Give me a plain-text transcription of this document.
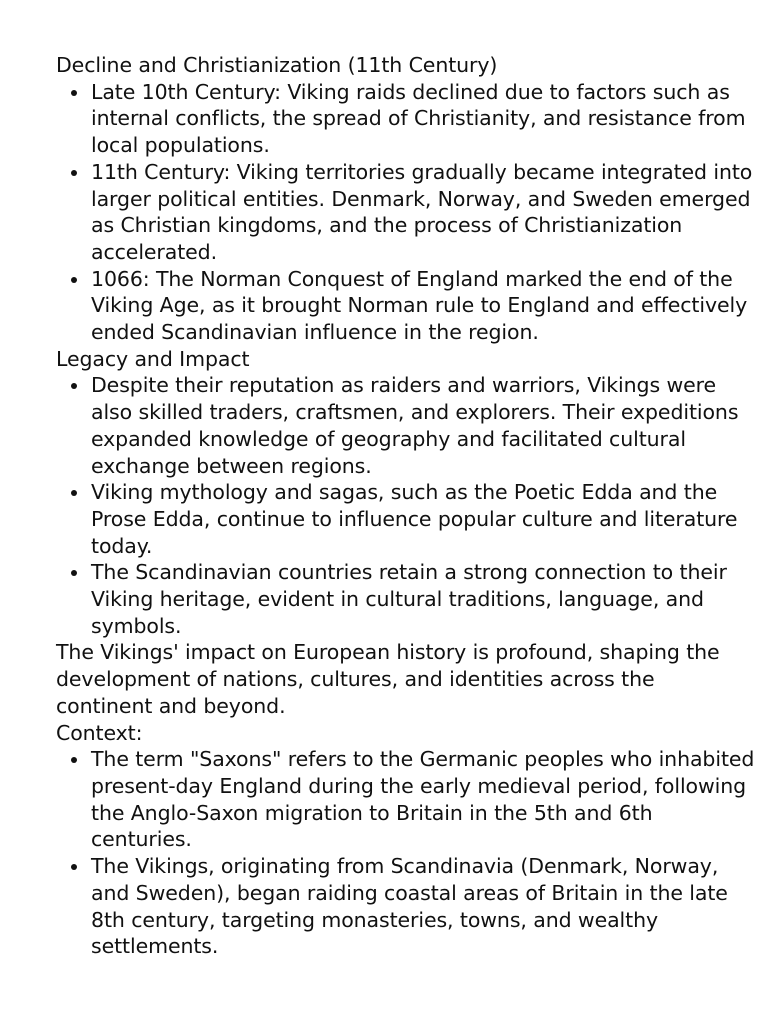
Decline and Christianization (11th Century)

Late 10th Century: Viking raids declined due to factors such as internal conflicts, the spread of Christianity, and resistance from local populations.
11th Century: Viking territories gradually became integrated into larger political entities. Denmark, Norway, and Sweden emerged as Christian kingdoms, and the process of Christianization accelerated.
1066: The Norman Conquest of England marked the end of the Viking Age, as it brought Norman rule to England and effectively ended Scandinavian influence in the region.

Legacy and Impact

Despite their reputation as raiders and warriors, Vikings were also skilled traders, craftsmen, and explorers. Their expeditions expanded knowledge of geography and facilitated cultural exchange between regions.
Viking mythology and sagas, such as the Poetic Edda and the Prose Edda, continue to influence popular culture and literature today.
The Scandinavian countries retain a strong connection to their Viking heritage, evident in cultural traditions, language, and symbols.

The Vikings' impact on European history is profound, shaping the development of nations, cultures, and identities across the continent and beyond.

Context:

The term "Saxons" refers to the Germanic peoples who inhabited present-day England during the early medieval period, following the Anglo-Saxon migration to Britain in the 5th and 6th centuries.
The Vikings, originating from Scandinavia (Denmark, Norway, and Sweden), began raiding coastal areas of Britain in the late 8th century, targeting monasteries, towns, and wealthy settlements.
